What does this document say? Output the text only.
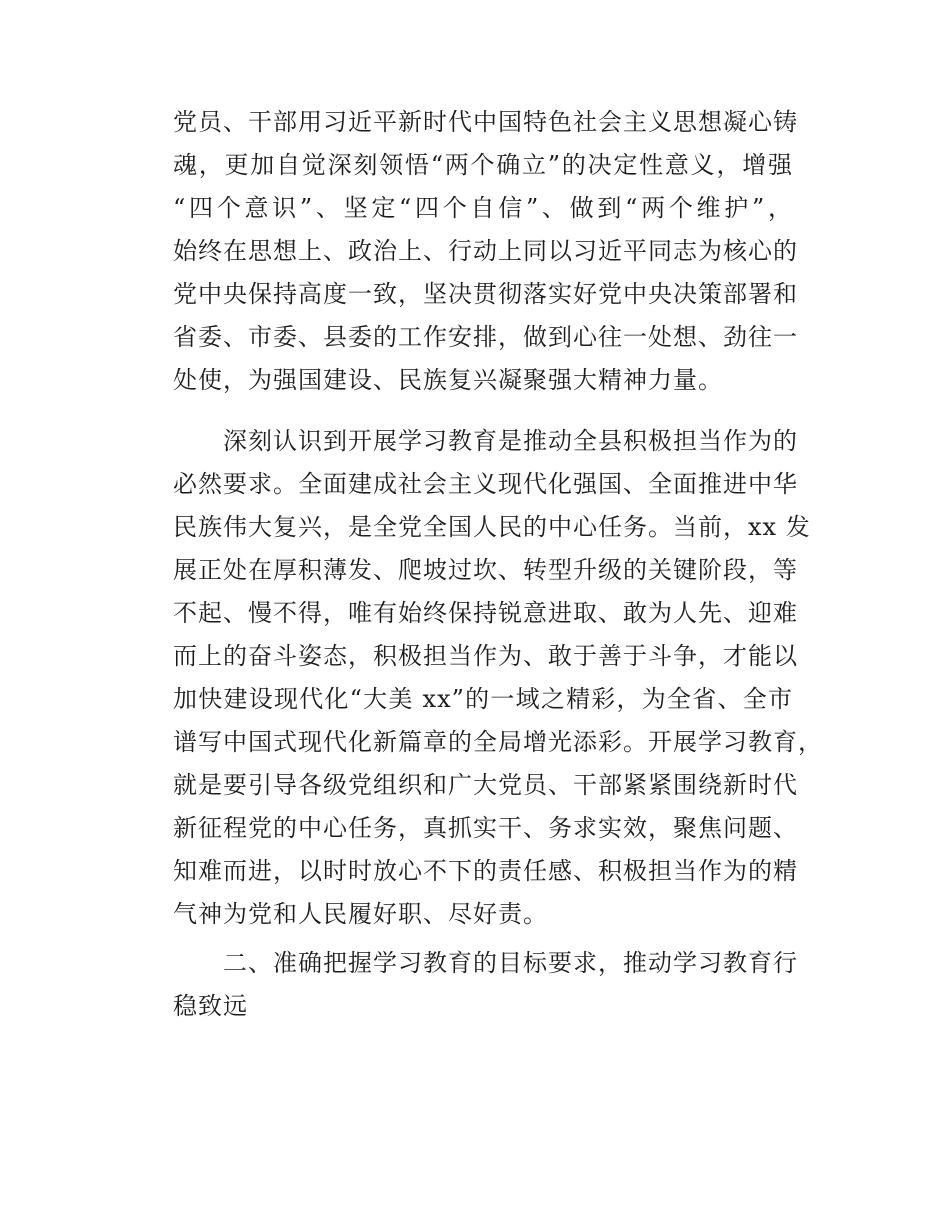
党员、干部用习近平新时代中国特色社会主义思想凝心铸
魂，更加自觉深刻领悟“两个确立”的决定性意义，增强
“四个意识”、坚定“四个自信”、做到“两个维护”，
始终在思想上、政治上、行动上同以习近平同志为核心的
党中央保持高度一致，坚决贯彻落实好党中央决策部署和
省委、市委、县委的工作安排，做到心往一处想、劲往一
处使，为强国建设、民族复兴凝聚强大精神力量。
深刻认识到开展学习教育是推动全县积极担当作为的
必然要求。全面建成社会主义现代化强国、全面推进中华
民族伟大复兴，是全党全国人民的中心任务。当前，xx 发
展正处在厚积薄发、爬坡过坎、转型升级的关键阶段，等
不起、慢不得，唯有始终保持锐意进取、敢为人先、迎难
而上的奋斗姿态，积极担当作为、敢于善于斗争，才能以
加快建设现代化“大美 xx”的一域之精彩，为全省、全市
谱写中国式现代化新篇章的全局增光添彩。开展学习教育，
就是要引导各级党组织和广大党员、干部紧紧围绕新时代
新征程党的中心任务，真抓实干、务求实效，聚焦问题、
知难而进，以时时放心不下的责任感、积极担当作为的精
气神为党和人民履好职、尽好责。
二、准确把握学习教育的目标要求，推动学习教育行
稳致远
